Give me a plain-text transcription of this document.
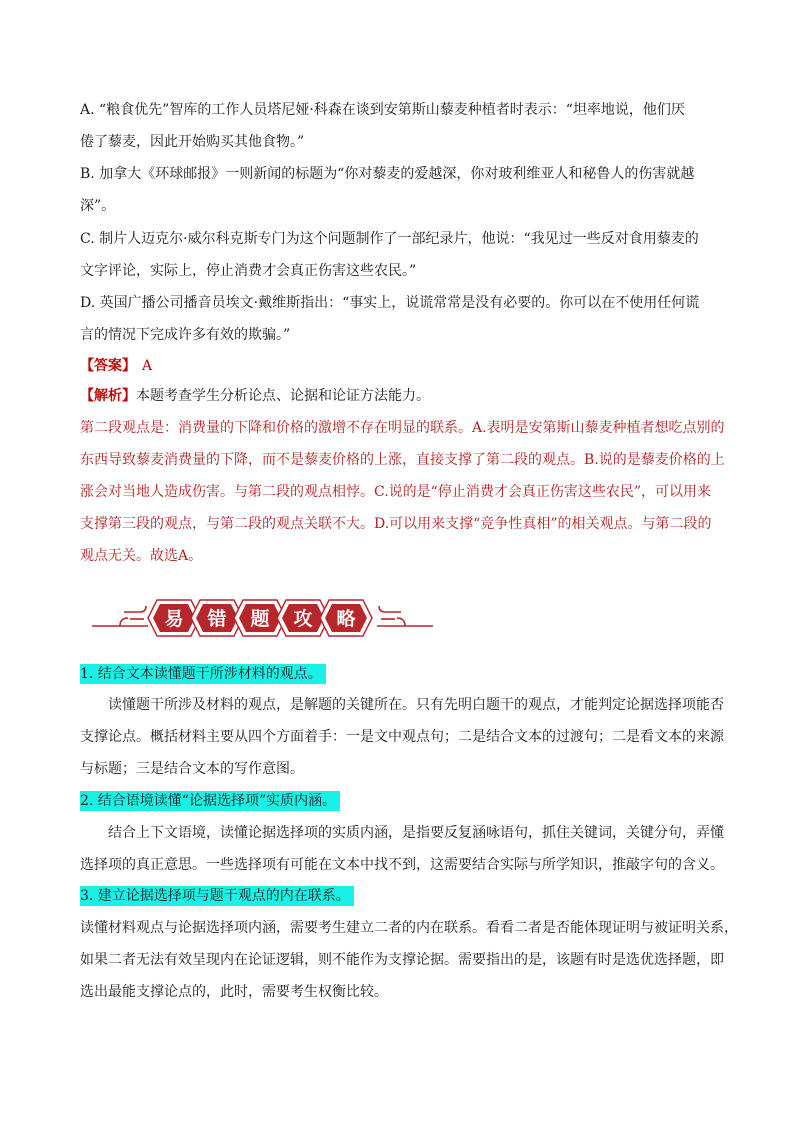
A. “粮食优先”智库的工作人员塔尼娅·科森在谈到安第斯山藜麦种植者时表示：“坦率地说，他们厌
倦了藜麦，因此开始购买其他食物。”
B. 加拿大《环球邮报》一则新闻的标题为“你对藜麦的爱越深，你对玻利维亚人和秘鲁人的伤害就越
深”。
C. 制片人迈克尔·威尔科克斯专门为这个问题制作了一部纪录片，他说：“我见过一些反对食用藜麦的
文字评论，实际上，停止消费才会真正伤害这些农民。”
D. 英国广播公司播音员埃文·戴维斯指出：“事实上，说谎常常是没有必要的。你可以在不使用任何谎
言的情况下完成许多有效的欺骗。”
【答案】 A
【解析】本题考查学生分析论点、论据和论证方法能力。
第二段观点是：消费量的下降和价格的激增不存在明显的联系。A.表明是安第斯山藜麦种植者想吃点别的
东西导致藜麦消费量的下降，而不是藜麦价格的上涨，直接支撑了第二段的观点。B.说的是藜麦价格的上
涨会对当地人造成伤害。与第二段的观点相悖。C.说的是“停止消费才会真正伤害这些农民”，可以用来
支撑第三段的观点，与第二段的观点关联不大。D.可以用来支撑“竞争性真相”的相关观点。与第二段的
观点无关。故选A。
易 错 题 攻 略
1. 结合文本读懂题干所涉材料的观点。
读懂题干所涉及材料的观点，是解题的关键所在。只有先明白题干的观点，才能判定论据选择项能否
支撑论点。概括材料主要从四个方面着手：一是文中观点句；二是结合文本的过渡句；二是看文本的来源
与标题；三是结合文本的写作意图。
2. 结合语境读懂“论据选择项”实质内涵。
结合上下文语境，读懂论据选择项的实质内涵，是指要反复涵咏语句，抓住关键词，关键分句，弄懂
选择项的真正意思。一些选择项有可能在文本中找不到，这需要结合实际与所学知识，推敲字句的含义。
3. 建立论据选择项与题干观点的内在联系。
读懂材料观点与论据选择项内涵，需要考生建立二者的内在联系。看看二者是否能体现证明与被证明关系，
如果二者无法有效呈现内在论证逻辑，则不能作为支撑论据。需要指出的是，该题有时是选优选择题，即
选出最能支撑论点的，此时，需要考生权衡比较。
